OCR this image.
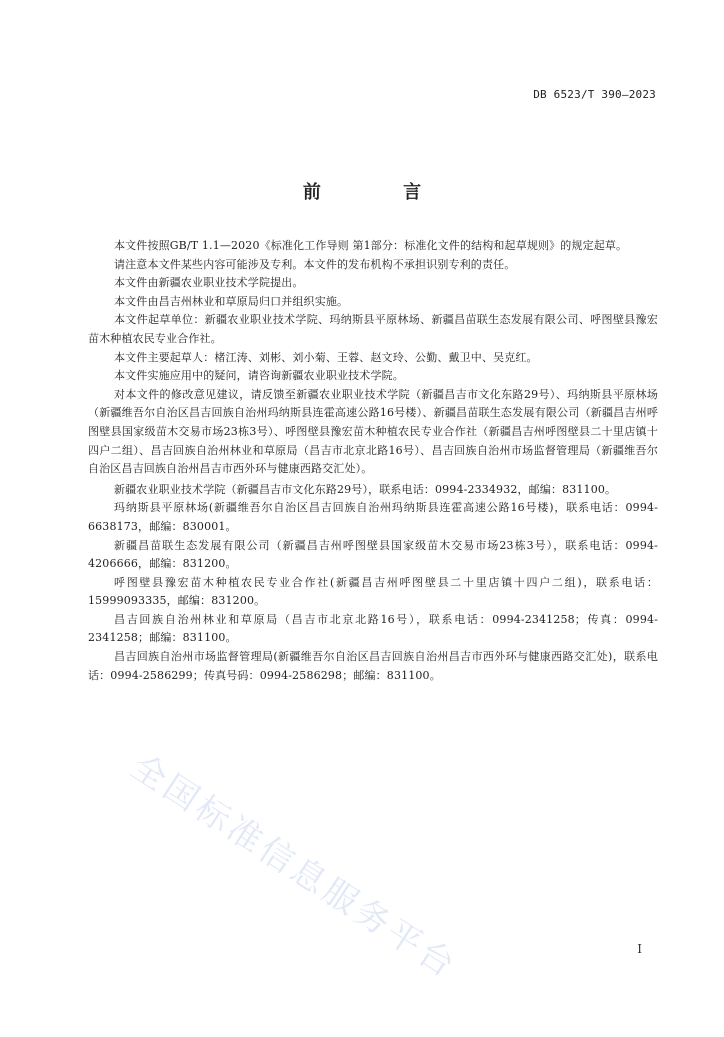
DB 6523/T 390—2023
前 言

本文件按照GB/T 1.1—2020《标准化工作导则 第1部分：标准化文件的结构和起草规则》的规定起草。

请注意本文件某些内容可能涉及专利。本文件的发布机构不承担识别专利的责任。

本文件由新疆农业职业技术学院提出。

本文件由昌吉州林业和草原局归口并组织实施。

本文件起草单位：新疆农业职业技术学院、玛纳斯县平原林场、新疆昌苗联生态发展有限公司、呼图壁县豫宏苗木种植农民专业合作社。

本文件主要起草人：楮江涛、刘彬、刘小菊、王蓉、赵文玲、公勤、戴卫中、吴克红。

本文件实施应用中的疑问，请咨询新疆农业职业技术学院。

对本文件的修改意见建议，请反馈至新疆农业职业技术学院（新疆昌吉市文化东路29号）、玛纳斯县平原林场（新疆维吾尔自治区昌吉回族自治州玛纳斯县连霍高速公路16号楼）、新疆昌苗联生态发展有限公司（新疆昌吉州呼图壁县国家级苗木交易市场23栋3号）、呼图壁县豫宏苗木种植农民专业合作社（新疆昌吉州呼图壁县二十里店镇十四户二组）、昌吉回族自治州林业和草原局（昌吉市北京北路16号）、昌吉回族自治州市场监督管理局（新疆维吾尔自治区昌吉回族自治州昌吉市西外环与健康西路交汇处）。

新疆农业职业技术学院（新疆昌吉市文化东路29号），联系电话：0994-2334932，邮编：831100。

玛纳斯县平原林场(新疆维吾尔自治区昌吉回族自治州玛纳斯县连霍高速公路16号楼)，联系电话：0994-6638173，邮编：830001。

新疆昌苗联生态发展有限公司（新疆昌吉州呼图壁县国家级苗木交易市场23栋3号），联系电话：0994-4206666，邮编：831200。

呼图壁县豫宏苗木种植农民专业合作社(新疆昌吉州呼图壁县二十里店镇十四户二组)，联系电话：15999093335，邮编：831200。

昌吉回族自治州林业和草原局（昌吉市北京北路16号），联系电话：0994-2341258；传真：0994-2341258；邮编：831100。

昌吉回族自治州市场监督管理局(新疆维吾尔自治区昌吉回族自治州昌吉市西外环与健康西路交汇处)，联系电话：0994-2586299；传真号码：0994-2586298；邮编：831100。

全国标准信息服务平台	I
